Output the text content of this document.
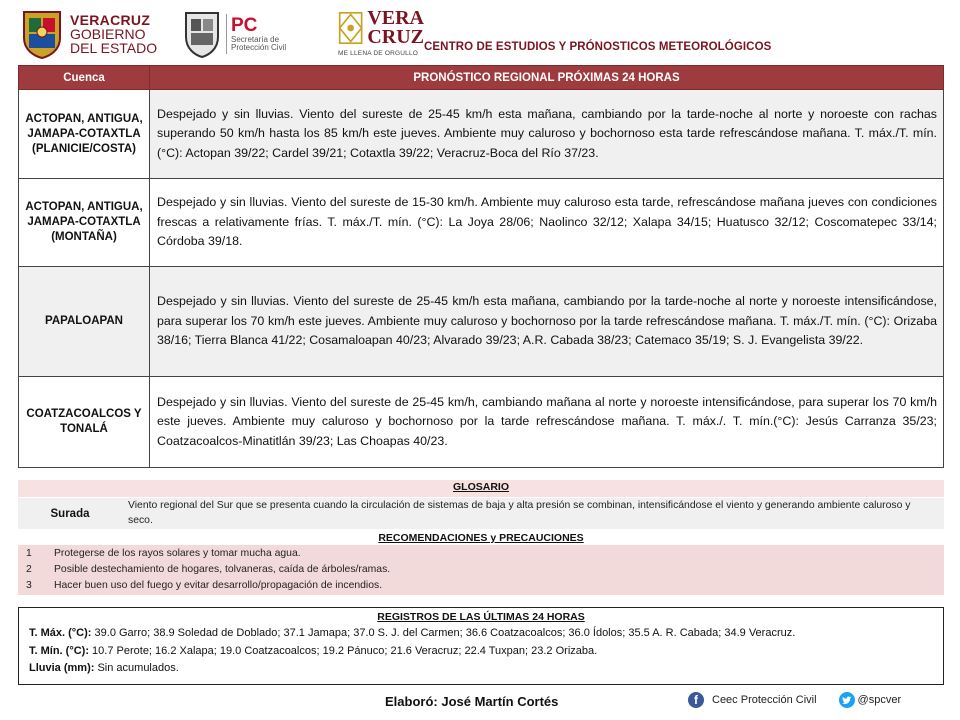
VERACRUZ
GOBIERNO
DEL ESTADO
PC
Secretaría de
Protección Civil
VERA
CRUZ
ME LLENA DE ORGULLO
CENTRO DE ESTUDIOS Y PRÓNOSTICOS METEOROLÓGICOS
Cuenca	PRONÓSTICO REGIONAL PRÓXIMAS 24 HORAS
ACTOPAN, ANTIGUA, JAMAPA-COTAXTLA (PLANICIE/COSTA)	Despejado y sin lluvias. Viento del sureste de 25-45 km/h esta mañana, cambiando por la tarde-noche al norte y noroeste con rachas superando 50 km/h hasta los 85 km/h este jueves. Ambiente muy caluroso y bochornoso esta tarde refrescándose mañana. T. máx./T. mín. (°C): Actopan 39/22; Cardel 39/21; Cotaxtla 39/22; Veracruz-Boca del Río 37/23.
ACTOPAN, ANTIGUA, JAMAPA-COTAXTLA (MONTAÑA)	Despejado y sin lluvias. Viento del sureste de 15-30 km/h. Ambiente muy caluroso esta tarde, refrescándose mañana jueves con condiciones frescas a relativamente frías. T. máx./T. mín. (°C): La Joya 28/06; Naolinco 32/12; Xalapa 34/15; Huatusco 32/12; Coscomatepec 33/14; Córdoba 39/18.
PAPALOAPAN	Despejado y sin lluvias. Viento del sureste de 25-45 km/h esta mañana, cambiando por la tarde-noche al norte y noroeste intensificándose, para superar los 70 km/h este jueves. Ambiente muy caluroso y bochornoso por la tarde refrescándose mañana. T. máx./T. mín. (°C): Orizaba 38/16; Tierra Blanca 41/22; Cosamaloapan 40/23; Alvarado 39/23; A.R. Cabada 38/23; Catemaco 35/19; S. J. Evangelista 39/22.
COATZACOALCOS Y TONALÁ	Despejado y sin lluvias. Viento del sureste de 25-45 km/h, cambiando mañana al norte y noroeste intensificándose, para superar los 70 km/h este jueves. Ambiente muy caluroso y bochornoso por la tarde refrescándose mañana. T. máx./. T. mín.(°C): Jesús Carranza 35/23; Coatzacoalcos-Minatitlán 39/23; Las Choapas 40/23.
GLOSARIO
Surada
Viento regional del Sur que se presenta cuando la circulación de sistemas de baja y alta presión se combinan, intensificándose el viento y generando ambiente caluroso y seco.
RECOMENDACIONES y PRECAUCIONES
1	Protegerse de los rayos solares y tomar mucha agua.
2	Posible destechamiento de hogares, tolvaneras, caída de árboles/ramas.
3	Hacer buen uso del fuego y evitar desarrollo/propagación de incendios.
REGISTROS DE LAS ÚLTIMAS 24 HORAS
T. Máx. (°C): 39.0 Garro; 38.9 Soledad de Doblado; 37.1 Jamapa; 37.0 S. J. del Carmen; 36.6 Coatzacoalcos; 36.0 Ídolos; 35.5 A. R. Cabada; 34.9 Veracruz.
T. Mín. (°C): 10.7 Perote; 16.2 Xalapa; 19.0 Coatzacoalcos; 19.2 Pánuco; 21.6 Veracruz; 22.4 Tuxpan; 23.2 Orizaba.
Lluvia (mm): Sin acumulados.
Elaboró: José Martín Cortés	f	Ceec Protección Civil	@spcver
